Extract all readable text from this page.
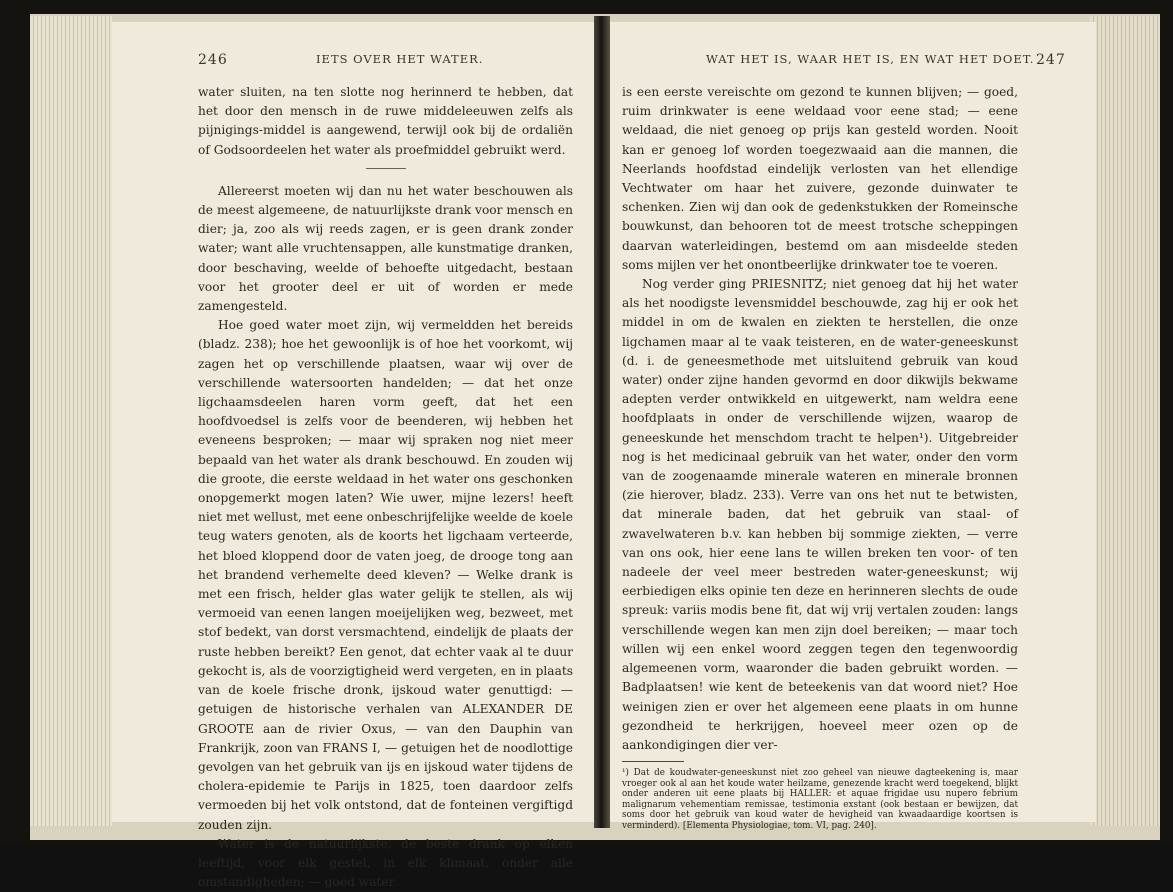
246	IETS OVER HET WATER.	WAT HET IS, WAAR HET IS, EN WAT HET DOET. 247

water sluiten, na ten slotte nog herinnerd te hebben, dat het door den mensch in de ruwe middeleeuwen zelfs als pijnigings-middel is aangewend, terwijl ook bij de ordaliën of Godsoordeelen het water als proefmiddel gebruikt werd.

Allereerst moeten wij dan nu het water beschouwen als de meest algemeene, de natuurlijkste drank voor mensch en dier; ja, zoo als wij reeds zagen, er is geen drank zonder water; want alle vruchtensappen, alle kunstmatige dranken, door beschaving, weelde of behoefte uitgedacht, bestaan voor het grooter deel er uit of worden er mede zamengesteld.

Hoe goed water moet zijn, wij vermeldden het bereids (bladz. 238); hoe het gewoonlijk is of hoe het voorkomt, wij zagen het op verschillende plaatsen, waar wij over de verschillende watersoorten handelden; — dat het onze ligchaamsdeelen haren vorm geeft, dat het een hoofdvoedsel is zelfs voor de beenderen, wij hebben het eveneens besproken; — maar wij spraken nog niet meer bepaald van het water als drank beschouwd. En zouden wij die groote, die eerste weldaad in het water ons geschonken onopgemerkt mogen laten? Wie uwer, mijne lezers! heeft niet met wellust, met eene onbeschrijfelijke weelde de koele teug waters genoten, als de koorts het ligchaam verteerde, het bloed kloppend door de vaten joeg, de drooge tong aan het brandend verhemelte deed kleven? — Welke drank is met een frisch, helder glas water gelijk te stellen, als wij vermoeid van eenen langen moeijelijken weg, bezweet, met stof bedekt, van dorst versmachtend, eindelijk de plaats der ruste hebben bereikt? Een genot, dat echter vaak al te duur gekocht is, als de voorzigtigheid werd vergeten, en in plaats van de koele frische dronk, ijskoud water genuttigd: — getuigen de historische verhalen van ALEXANDER DE GROOTE aan de rivier Oxus, — van den Dauphin van Frankrijk, zoon van FRANS I, — getuigen het de noodlottige gevolgen van het gebruik van ijs en ijskoud water tijdens de cholera-epidemie te Parijs in 1825, toen daardoor zelfs vermoeden bij het volk ontstond, dat de fonteinen vergiftigd zouden zijn.

Water is de natuurlijkste, de beste drank op elken leeftijd, voor elk gestel, in elk klimaat, onder alle omstandigheden; — goed water

is een eerste vereischte om gezond te kunnen blijven; — goed, ruim drinkwater is eene weldaad voor eene stad; — eene weldaad, die niet genoeg op prijs kan gesteld worden. Nooit kan er genoeg lof worden toegezwaaid aan die mannen, die Neerlands hoofdstad eindelijk verlosten van het ellendige Vechtwater om haar het zuivere, gezonde duinwater te schenken. Zien wij dan ook de gedenkstukken der Romeinsche bouwkunst, dan behooren tot de meest trotsche scheppingen daarvan waterleidingen, bestemd om aan misdeelde steden soms mijlen ver het onontbeerlijke drinkwater toe te voeren.

Nog verder ging PRIESNITZ; niet genoeg dat hij het water als het noodigste levensmiddel beschouwde, zag hij er ook het middel in om de kwalen en ziekten te herstellen, die onze ligchamen maar al te vaak teisteren, en de water-geneeskunst (d. i. de geneesmethode met uitsluitend gebruik van koud water) onder zijne handen gevormd en door dikwijls bekwame adepten verder ontwikkeld en uitgewerkt, nam weldra eene hoofdplaats in onder de verschillende wijzen, waarop de geneeskunde het menschdom tracht te helpen¹). Uitgebreider nog is het medicinaal gebruik van het water, onder den vorm van de zoogenaamde minerale wateren en minerale bronnen (zie hierover, bladz. 233). Verre van ons het nut te betwisten, dat minerale baden, dat het gebruik van staal- of zwavelwateren b.v. kan hebben bij sommige ziekten, — verre van ons ook, hier eene lans te willen breken ten voor- of ten nadeele der veel meer bestreden water-geneeskunst; wij eerbiedigen elks opinie ten deze en herinneren slechts de oude spreuk: variis modis bene fit, dat wij vrij vertalen zouden: langs verschillende wegen kan men zijn doel bereiken; — maar toch willen wij een enkel woord zeggen tegen den tegenwoordig algemeenen vorm, waaronder die baden gebruikt worden. — Badplaatsen! wie kent de beteekenis van dat woord niet? Hoe weinigen zien er over het algemeen eene plaats in om hunne gezondheid te herkrijgen, hoeveel meer ozen op de aankondigingen dier ver-

¹) Dat de koudwater-geneeskunst niet zoo geheel van nieuwe dagteekening is, maar vroeger ook al aan het koude water heilzame, genezende kracht werd toegekend, blijkt onder anderen uit eene plaats bij HALLER: et aquae frigidae usu nupero febrium malignarum vehementiam remissae, testimonia exstant (ook bestaan er bewijzen, dat soms door het gebruik van koud water de hevigheid van kwaadaardige koortsen is verminderd). [Elementa Physiologiae, tom. VI, pag. 240].
